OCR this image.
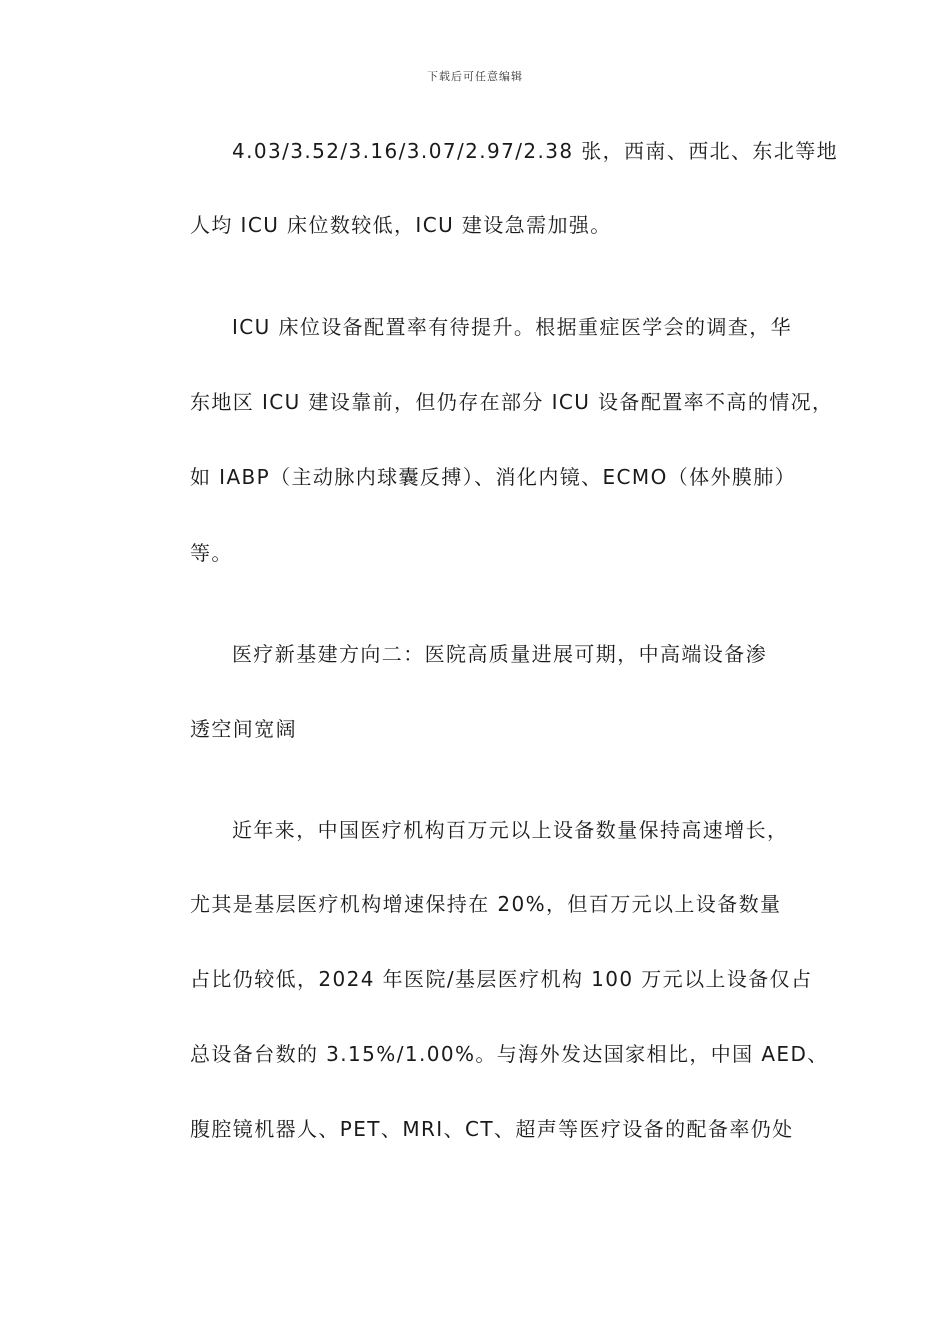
下载后可任意编辑
4.03/3.52/3.16/3.07/2.97/2.38 张，西南、西北、东北等地
人均 ICU 床位数较低，ICU 建设急需加强。
ICU 床位设备配置率有待提升。根据重症医学会的调查，华
东地区 ICU 建设靠前，但仍存在部分 ICU 设备配置率不高的情况，
如 IABP（主动脉内球囊反搏）、消化内镜、ECMO（体外膜肺）
等。
医疗新基建方向二：医院高质量进展可期，中高端设备渗
透空间宽阔
近年来，中国医疗机构百万元以上设备数量保持高速增长，
尤其是基层医疗机构增速保持在 20%，但百万元以上设备数量
占比仍较低，2024 年医院/基层医疗机构 100 万元以上设备仅占
总设备台数的 3.15%/1.00%。与海外发达国家相比，中国 AED、
腹腔镜机器人、PET、MRI、CT、超声等医疗设备的配备率仍处
